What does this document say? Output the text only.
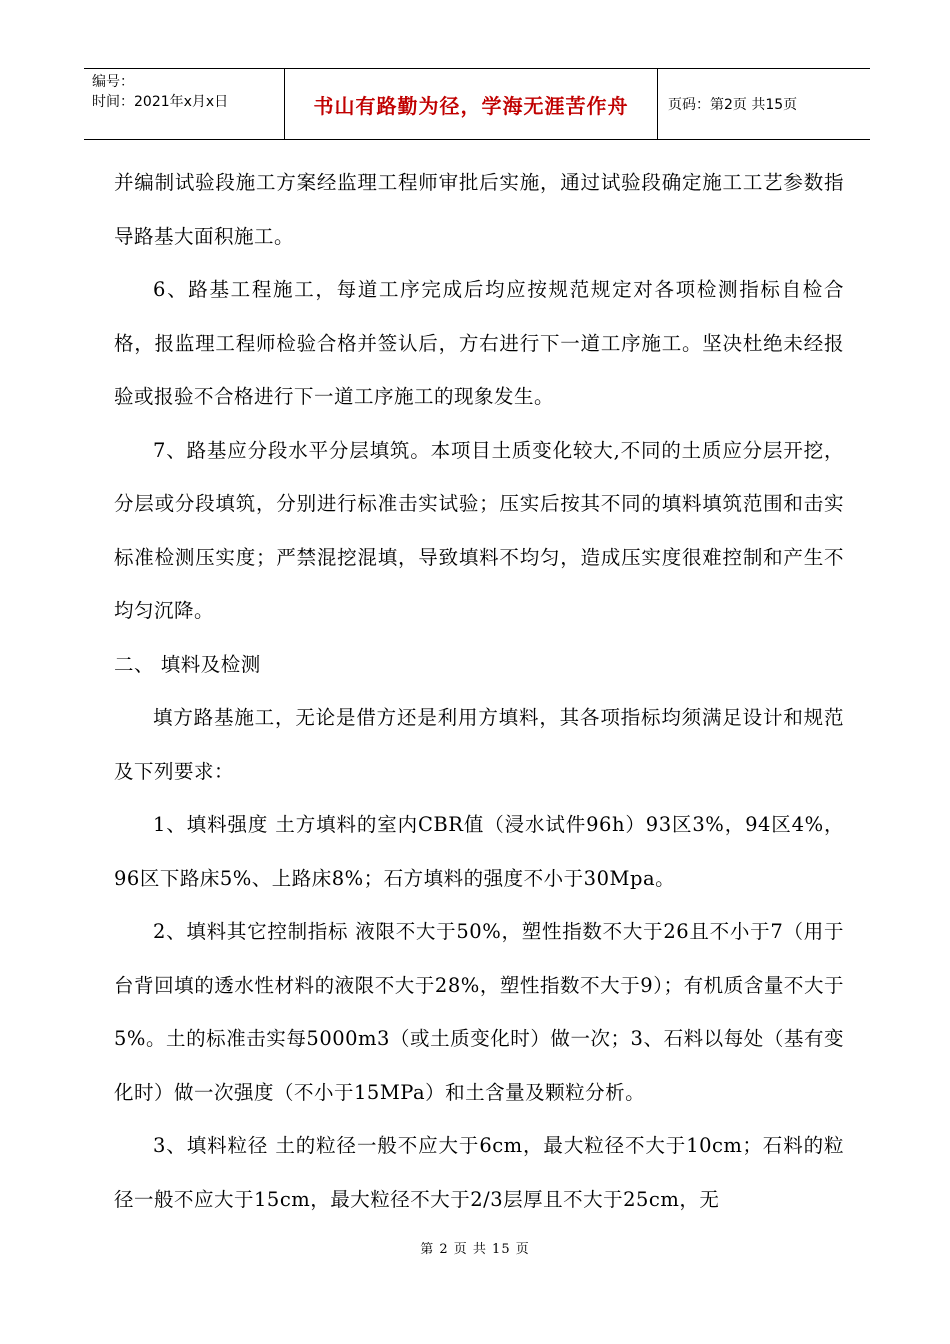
编号：
时间：2021年x月x日	书山有路勤为径，学海无涯苦作舟	页码：第2页 共15页

并编制试验段施工方案经监理工程师审批后实施，通过试验段确定施工工艺参数指导路基大面积施工。

6、路基工程施工，每道工序完成后均应按规范规定对各项检测指标自检合格，报监理工程师检验合格并签认后，方右进行下一道工序施工。坚决杜绝未经报验或报验不合格进行下一道工序施工的现象发生。

7、路基应分段水平分层填筑。本项目土质变化较大,不同的土质应分层开挖，分层或分段填筑，分别进行标准击实试验；压实后按其不同的填料填筑范围和击实标准检测压实度；严禁混挖混填，导致填料不均匀，造成压实度很难控制和产生不均匀沉降。

二、 填料及检测

填方路基施工，无论是借方还是利用方填料，其各项指标均须满足设计和规范及下列要求：

1、填料强度 土方填料的室内CBR值（浸水试件96h）93区3%，94区4%，96区下路床5%、上路床8%；石方填料的强度不小于30Mpa。

2、填料其它控制指标 液限不大于50%，塑性指数不大于26且不小于7（用于台背回填的透水性材料的液限不大于28%，塑性指数不大于9）；有机质含量不大于5%。土的标准击实每5000m3（或土质变化时）做一次；3、石料以每处（基有变化时）做一次强度（不小于15MPa）和土含量及颗粒分析。

3、填料粒径 土的粒径一般不应大于6cm，最大粒径不大于10cm；石料的粒径一般不应大于15cm，最大粒径不大于2/3层厚且不大于25cm，无

第 2 页 共 15 页
